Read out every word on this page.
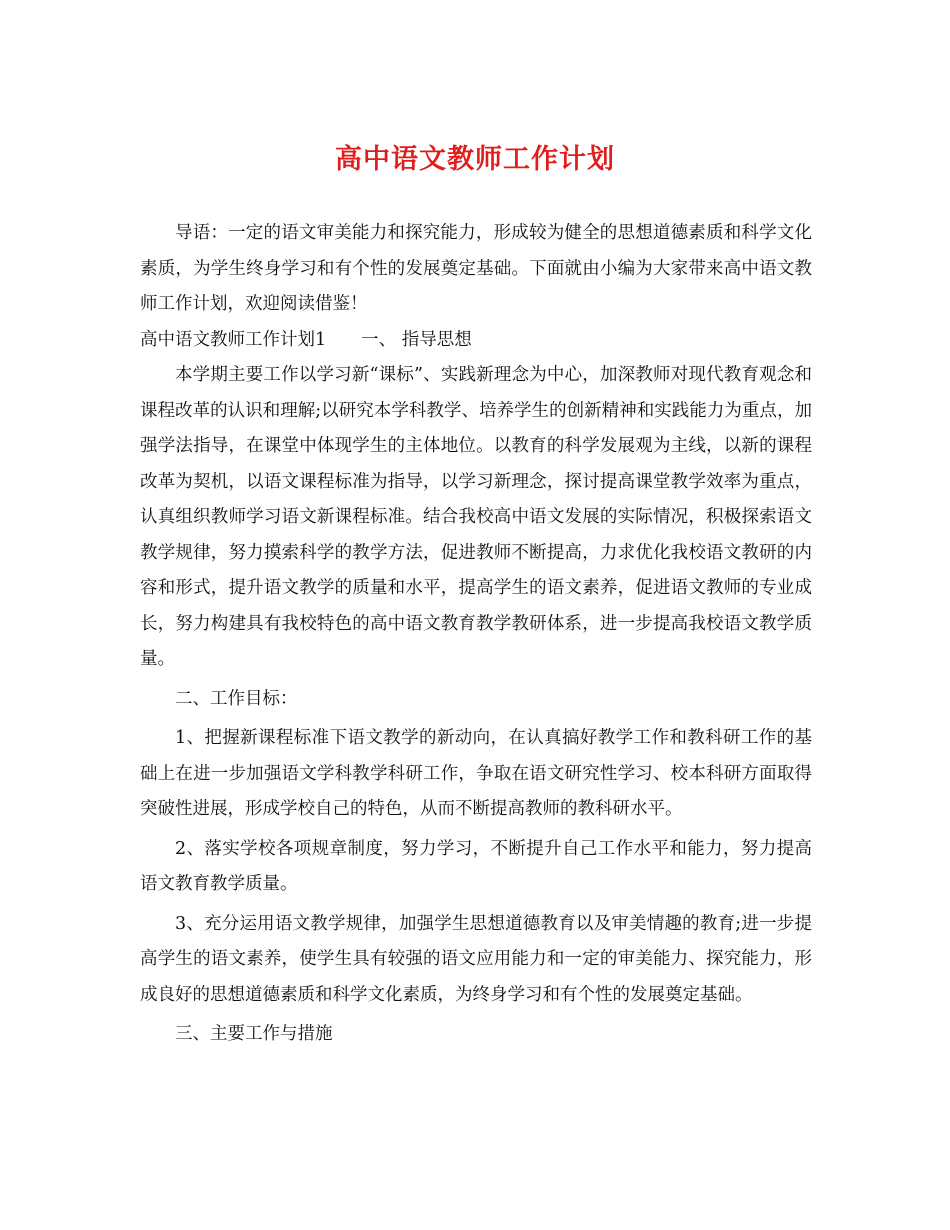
高中语文教师工作计划

导语：一定的语文审美能力和探究能力，形成较为健全的思想道德素质和科学文化素质，为学生终身学习和有个性的发展奠定基础。下面就由小编为大家带来高中语文教师工作计划，欢迎阅读借鉴！

高中语文教师工作计划1　　一、 指导思想

本学期主要工作以学习新“课标”、实践新理念为中心，加深教师对现代教育观念和课程改革的认识和理解;以研究本学科教学、培养学生的创新精神和实践能力为重点，加强学法指导，在课堂中体现学生的主体地位。以教育的科学发展观为主线，以新的课程改革为契机，以语文课程标准为指导，以学习新理念，探讨提高课堂教学效率为重点，认真组织教师学习语文新课程标准。结合我校高中语文发展的实际情况，积极探索语文教学规律，努力摸索科学的教学方法，促进教师不断提高，力求优化我校语文教研的内容和形式，提升语文教学的质量和水平，提高学生的语文素养，促进语文教师的专业成长，努力构建具有我校特色的高中语文教育教学教研体系，进一步提高我校语文教学质量。

二、工作目标：

1、把握新课程标准下语文教学的新动向，在认真搞好教学工作和教科研工作的基础上在进一步加强语文学科教学科研工作，争取在语文研究性学习、校本科研方面取得突破性进展，形成学校自己的特色，从而不断提高教师的教科研水平。

2、落实学校各项规章制度，努力学习，不断提升自己工作水平和能力，努力提高语文教育教学质量。

3、充分运用语文教学规律，加强学生思想道德教育以及审美情趣的教育;进一步提高学生的语文素养，使学生具有较强的语文应用能力和一定的审美能力、探究能力，形成良好的思想道德素质和科学文化素质，为终身学习和有个性的发展奠定基础。

三、主要工作与措施
